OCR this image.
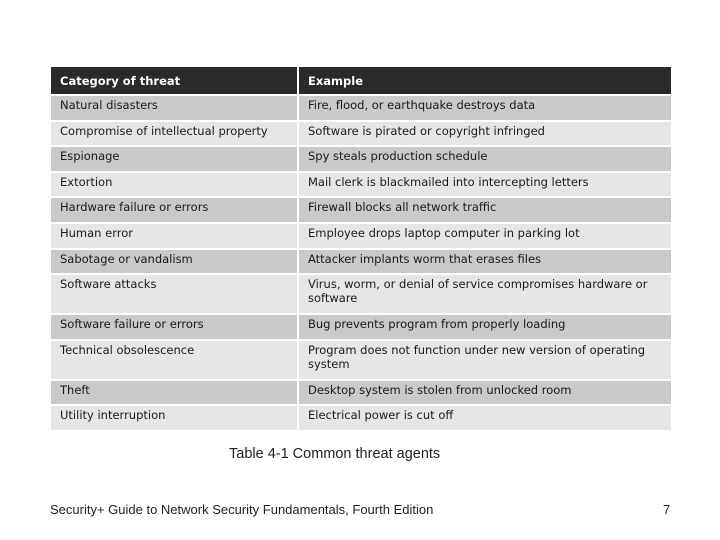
Category of threat	Example
Natural disasters	Fire, flood, or earthquake destroys data
Compromise of intellectual property	Software is pirated or copyright infringed
Espionage	Spy steals production schedule
Extortion	Mail clerk is blackmailed into intercepting letters
Hardware failure or errors	Firewall blocks all network traffic
Human error	Employee drops laptop computer in parking lot
Sabotage or vandalism	Attacker implants worm that erases files
Software attacks	Virus, worm, or denial of service compromises hardware or software
Software failure or errors	Bug prevents program from properly loading
Technical obsolescence	Program does not function under new version of operating system
Theft	Desktop system is stolen from unlocked room
Utility interruption	Electrical power is cut off
Table 4-1 Common threat agents
Security+ Guide to Network Security Fundamentals, Fourth Edition	7
